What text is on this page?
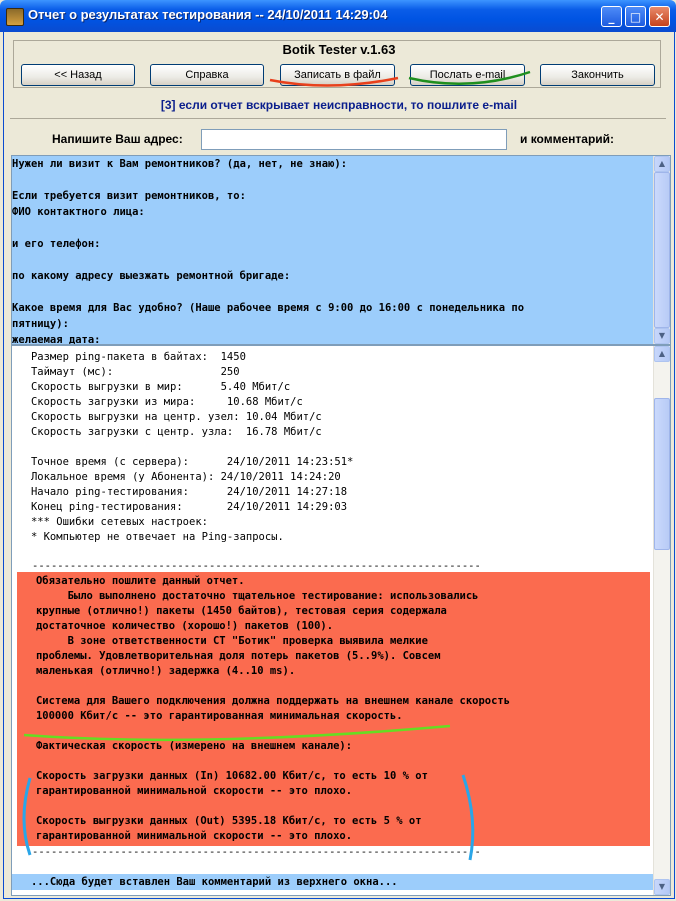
Отчет о результатах тестирования -- 24/10/2011 14:29:04	_	□	✕
Botik Tester v.1.63
<< Назад	Справка	Записать в файл	Послать e-mail	Закончить
[3] если отчет вскрывает неисправности, то пошлите e-mail
Напишите Ваш адрес:	и комментарий:
Нужен ли визит к Вам ремонтников? (да, нет, не знаю):
Если требуется визит ремонтников, то:
ФИО контактного лица:
и его телефон:
по какому адресу выезжать ремонтной бригаде:
Какое время для Вас удобно? (Наше рабочее время с 9:00 до 16:00 с понедельника по
пятницу):
желаемая дата:
▲
▼
Размер ping-пакета в байтах:  1450
Таймаут (мс):                 250
Скорость выгрузки в мир:      5.40 Мбит/с
Скорость загрузки из мира:     10.68 Мбит/с
Скорость выгрузки на центр. узел: 10.04 Мбит/с
Скорость загрузки с центр. узла:  16.78 Мбит/с
Точное время (с сервера):      24/10/2011 14:23:51*
Локальное время (у Абонента): 24/10/2011 14:24:20
Начало ping-тестирования:      24/10/2011 14:27:18
Конец ping-тестирования:       24/10/2011 14:29:03
*** Ошибки сетевых настроек:
* Компьютер не отвечает на Ping-запросы.
-----------------------------------------------------------------------
Обязательно пошлите данный отчет.
Было выполнено достаточно тщательное тестирование: использовались
крупные (отлично!) пакеты (1450 байтов), тестовая серия содержала
достаточное количество (хорошо!) пакетов (100).
В зоне ответственности СТ "Ботик" проверка выявила мелкие
проблемы. Удовлетворительная доля потерь пакетов (5..9%). Совсем
маленькая (отлично!) задержка (4..10 ms).
Система для Вашего подключения должна поддержать на внешнем канале скорость
100000 Кбит/с -- это гарантированная минимальная скорость.
Фактическая скорость (измерено на внешнем канале):
Скорость загрузки данных (In) 10682.00 Кбит/с, то есть 10 % от
гарантированной минимальной скорости -- это плохо.
Скорость выгрузки данных (Out) 5395.18 Кбит/с, то есть 5 % от
гарантированной минимальной скорости -- это плохо.
-----------------------------------------------------------------------
...Сюда будет вставлен Ваш комментарий из верхнего окна...
▲
▼
